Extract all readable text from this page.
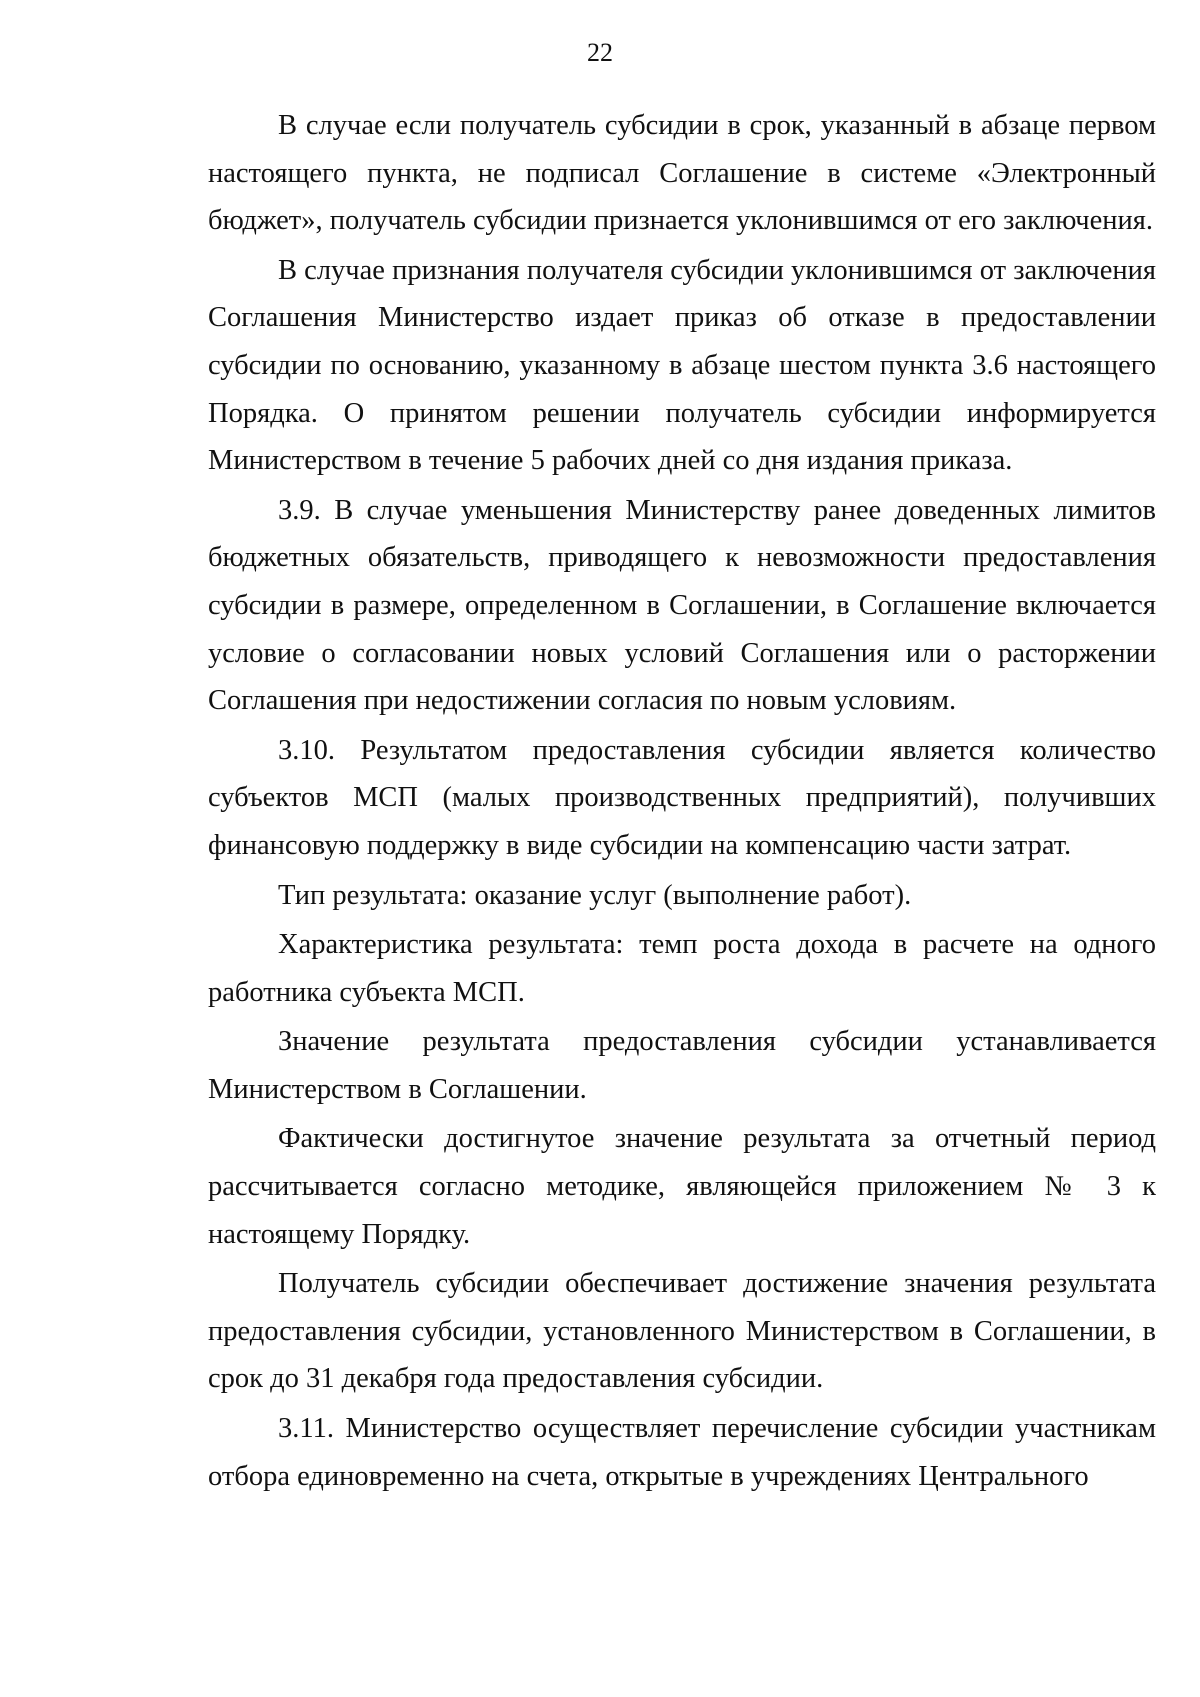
22

В случае если получатель субсидии в срок, указанный в абзаце первом настоящего пункта, не подписал Соглашение в системе «Электронный бюджет», получатель субсидии признается уклонившимся от его заключения.

В случае признания получателя субсидии уклонившимся от заключения Соглашения Министерство издает приказ об отказе в предоставлении субсидии по основанию, указанному в абзаце шестом пункта 3.6 настоящего Порядка. О принятом решении получатель субсидии информируется Министерством в течение 5 рабочих дней со дня издания приказа.

3.9. В случае уменьшения Министерству ранее доведенных лимитов бюджетных обязательств, приводящего к невозможности предоставления субсидии в размере, определенном в Соглашении, в Соглашение включается условие о согласовании новых условий Соглашения или о расторжении Соглашения при недостижении согласия по новым условиям.

3.10. Результатом предоставления субсидии является количество субъектов МСП (малых производственных предприятий), получивших финансовую поддержку в виде субсидии на компенсацию части затрат.

Тип результата: оказание услуг (выполнение работ).

Характеристика результата: темп роста дохода в расчете на одного работника субъекта МСП.

Значение результата предоставления субсидии устанавливается Министерством в Соглашении.

Фактически достигнутое значение результата за отчетный период рассчитывается согласно методике, являющейся приложением № 3 к настоящему Порядку.

Получатель субсидии обеспечивает достижение значения результата предоставления субсидии, установленного Министерством в Соглашении, в срок до 31 декабря года предоставления субсидии.

3.11. Министерство осуществляет перечисление субсидии участникам отбора единовременно на счета, открытые в учреждениях Центрального
